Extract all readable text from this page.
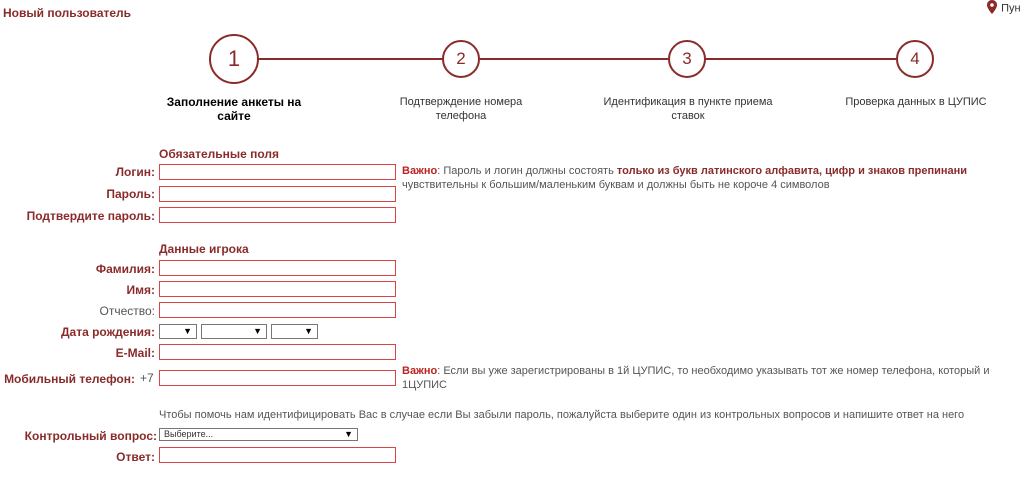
Новый пользователь	Пун
1	2	3	4
Заполнение анкеты на сайте
Подтверждение номера телефона
Идентификация в пункте приема ставок
Проверка данных в ЦУПИС
Обязательные поля
Логин:	Важно: Пароль и логин должны состоять только из букв латинского алфавита, цифр и знаков препинани
чувствительны к большим/маленьким буквам и должны быть не короче 4 символов
Пароль:
Подтвердите пароль:
Данные игрока
Фамилия:
Имя:
Отчество:
Дата рождения:	▼	▼	▼
E-Mail:
Мобильный телефон: +7	Важно: Если вы уже зарегистрированы в 1й ЦУПИС, то необходимо указывать тот же номер телефона, который и
1ЦУПИС
Чтобы помочь нам идентифицировать Вас в случае если Вы забыли пароль, пожалуйста выберите один из контрольных вопросов и напишите ответ на него
Контрольный вопрос: Выберите...	▼
Ответ:
